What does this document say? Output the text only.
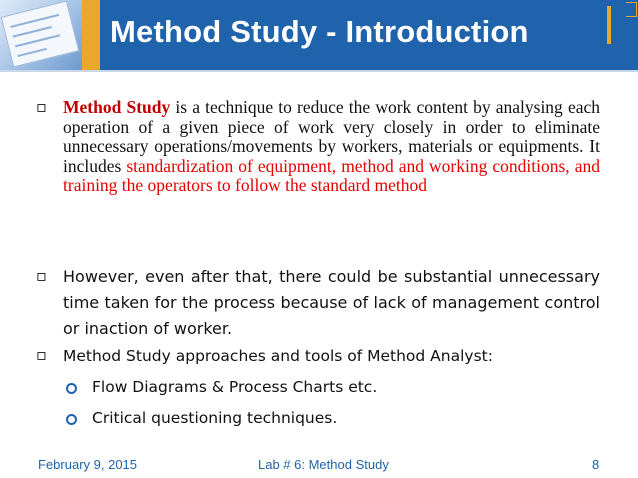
Method Study - Introduction
▫ Method Study is a technique to reduce the work content by analysing each operation of a given piece of work very closely in order to eliminate unnecessary operations/movements by workers, materials or equipments. It includes standardization of equipment, method and working conditions, and training the operators to follow the standard method
▫ However, even after that, there could be substantial unnecessary time taken for the process because of lack of management control or inaction of worker.
▫ Method Study approaches and tools of Method Analyst:
Flow Diagrams & Process Charts etc.
Critical questioning techniques.
February 9, 2015	Lab # 6: Method Study	8
